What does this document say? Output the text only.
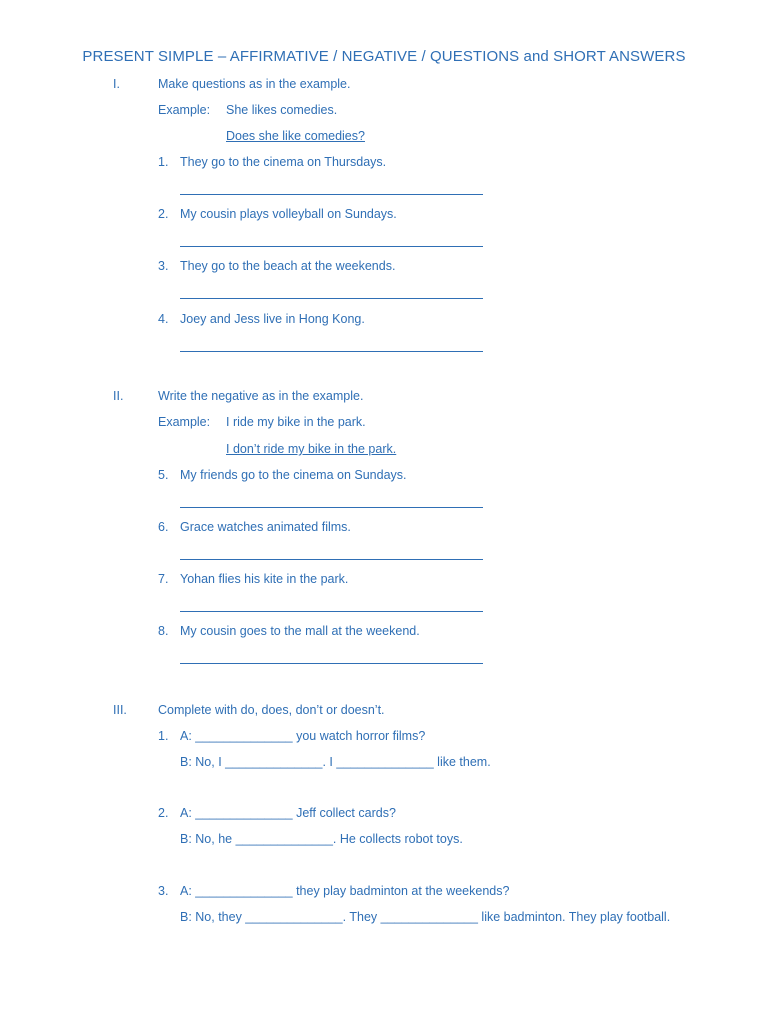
PRESENT SIMPLE – AFFIRMATIVE / NEGATIVE / QUESTIONS and SHORT ANSWERS
I.	Make questions as in the example.
Example: She likes comedies.
Does she like comedies?
1. They go to the cinema on Thursdays.
2. My cousin plays volleyball on Sundays.
3. They go to the beach at the weekends.
4. Joey and Jess live in Hong Kong.
II.	Write the negative as in the example.
Example: I ride my bike in the park.
I don’t ride my bike in the park.
5. My friends go to the cinema on Sundays.
6. Grace watches animated films.
7. Yohan flies his kite in the park.
8. My cousin goes to the mall at the weekend.
III. Complete with do, does, don’t or doesn’t.
1. A: ______________ you watch horror films?
B: No, I ______________. I ______________ like them.
2. A: ______________ Jeff collect cards?
B: No, he ______________. He collects robot toys.
3. A: ______________ they play badminton at the weekends?
B: No, they ______________. They ______________ like badminton. They play football.
